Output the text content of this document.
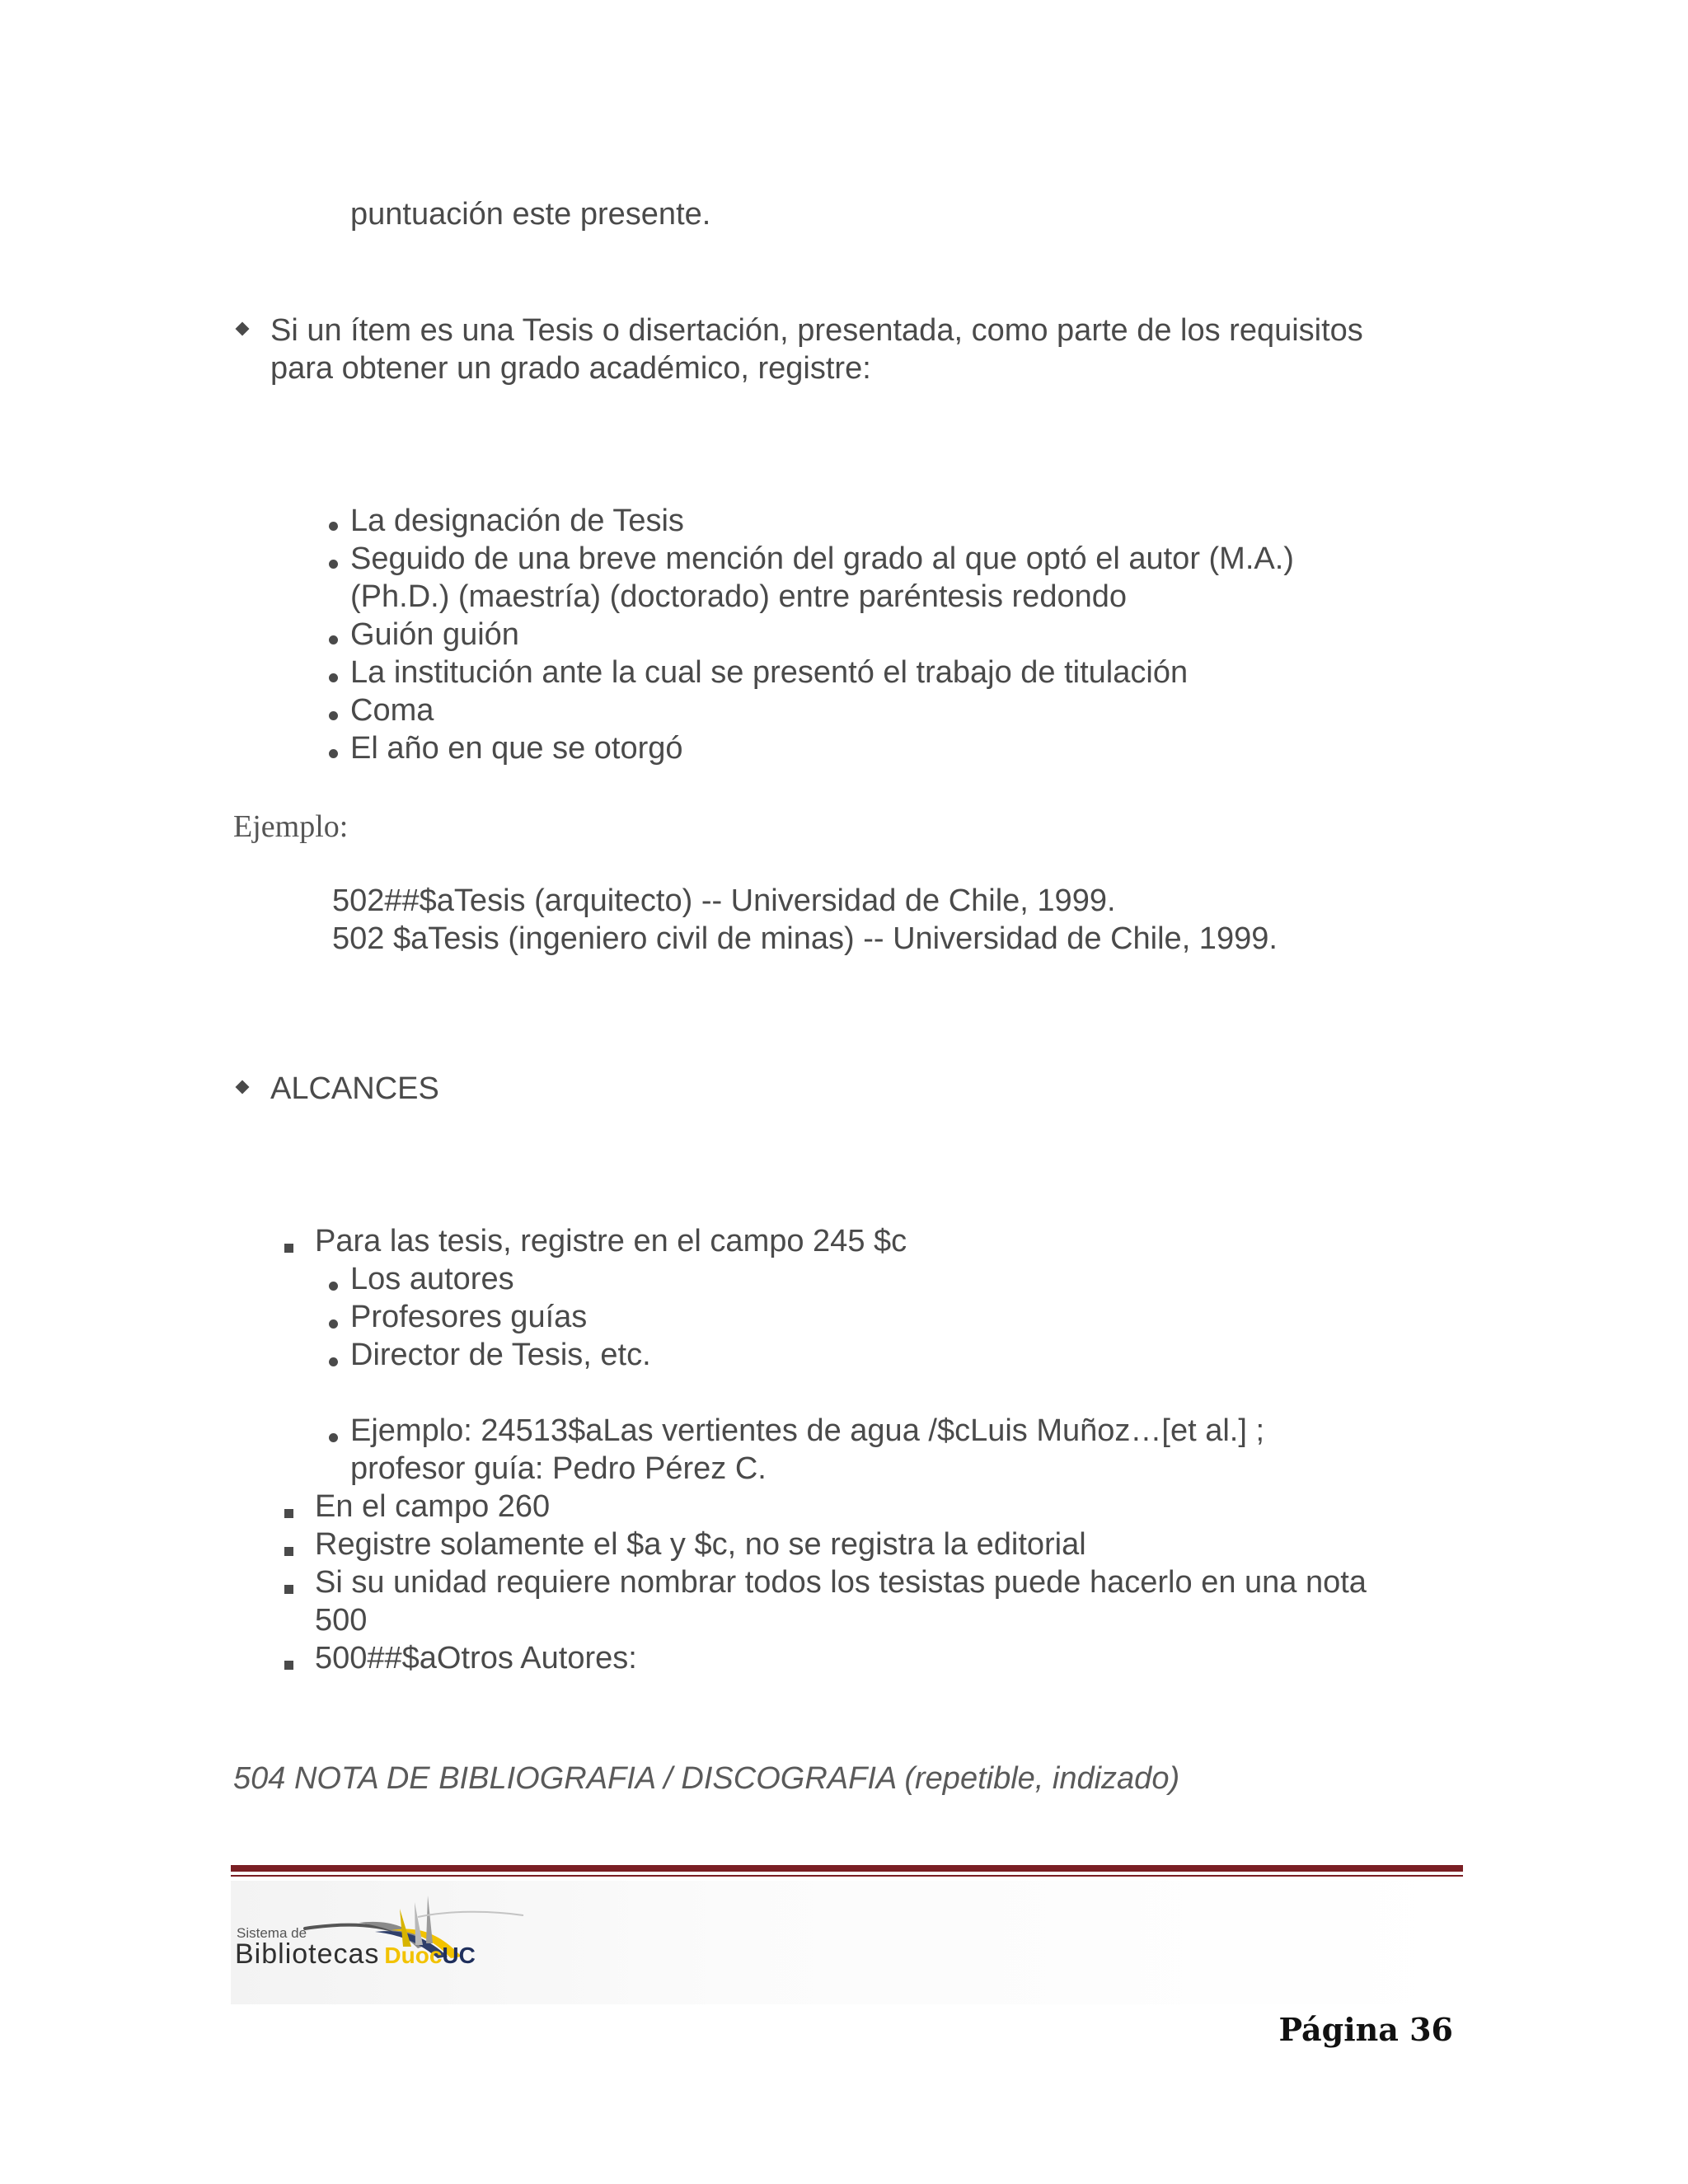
puntuación este presente.

Si un ítem es una Tesis o disertación, presentada, como parte de los requisitos

para obtener un grado académico, registre:

La designación de Tesis

Seguido de una breve mención del grado al que optó el autor (M.A.)

(Ph.D.) (maestría) (doctorado) entre paréntesis redondo

Guión guión

La institución ante la cual se presentó el trabajo de titulación

Coma

El año en que se otorgó

Ejemplo:

502##$aTesis (arquitecto) -- Universidad de Chile, 1999.

502 $aTesis (ingeniero civil de minas) -- Universidad de Chile, 1999.

ALCANCES

Para las tesis, registre en el campo 245 $c

Los autores

Profesores guías

Director de Tesis, etc.

Ejemplo: 24513$aLas vertientes de agua /$cLuis Muñoz…[et al.] ;

profesor guía: Pedro Pérez C.

En el campo 260

Registre solamente el $a y $c, no se registra la editorial

Si su unidad requiere nombrar todos los tesistas puede hacerlo en una nota

500

500##$aOtros Autores:

504 NOTA DE BIBLIOGRAFIA / DISCOGRAFIA (repetible, indizado)

Sistema de
Bibliotecas DuocUC
Página 36
